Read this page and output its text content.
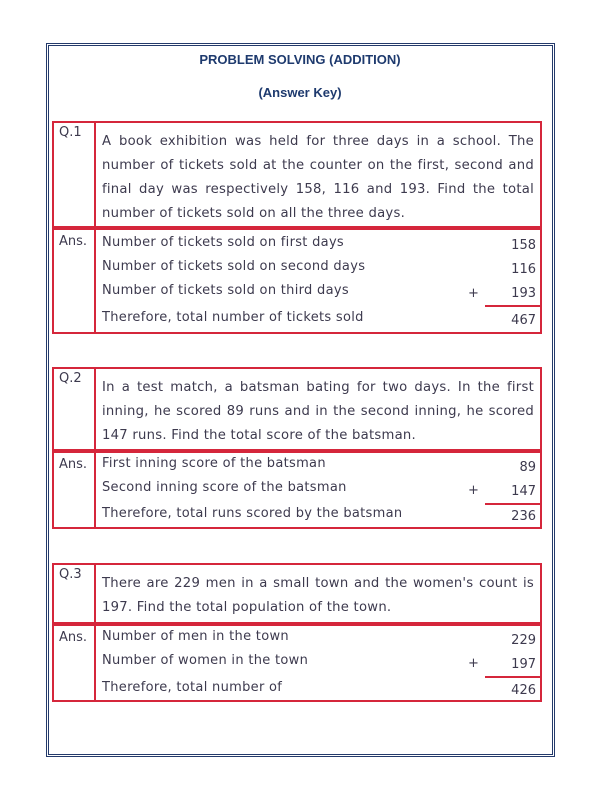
PROBLEM SOLVING (ADDITION)
(Answer Key)
Q.1
A book exhibition was held for three days in a school. The number of tickets sold at the counter on the first, second and final day was respectively 158, 116 and 193. Find the total number of tickets sold on all the three days.
Ans.	Number of tickets sold on first days	158
Number of tickets sold on second days	116
Number of tickets sold on third days	+ 193
Therefore, total number of tickets sold	467
Q.2
In a test match, a batsman bating for two days. In the first inning, he scored 89 runs and in the second inning, he scored 147 runs. Find the total score of the batsman.
Ans.	First inning score of the batsman	89
Second inning score of the batsman	+ 147
Therefore, total runs scored by the batsman	236
Q.3
There are 229 men in a small town and the women's count is 197. Find the total population of the town.
Ans.	Number of men in the town	229
Number of women in the town	+ 197
Therefore, total number of	426
